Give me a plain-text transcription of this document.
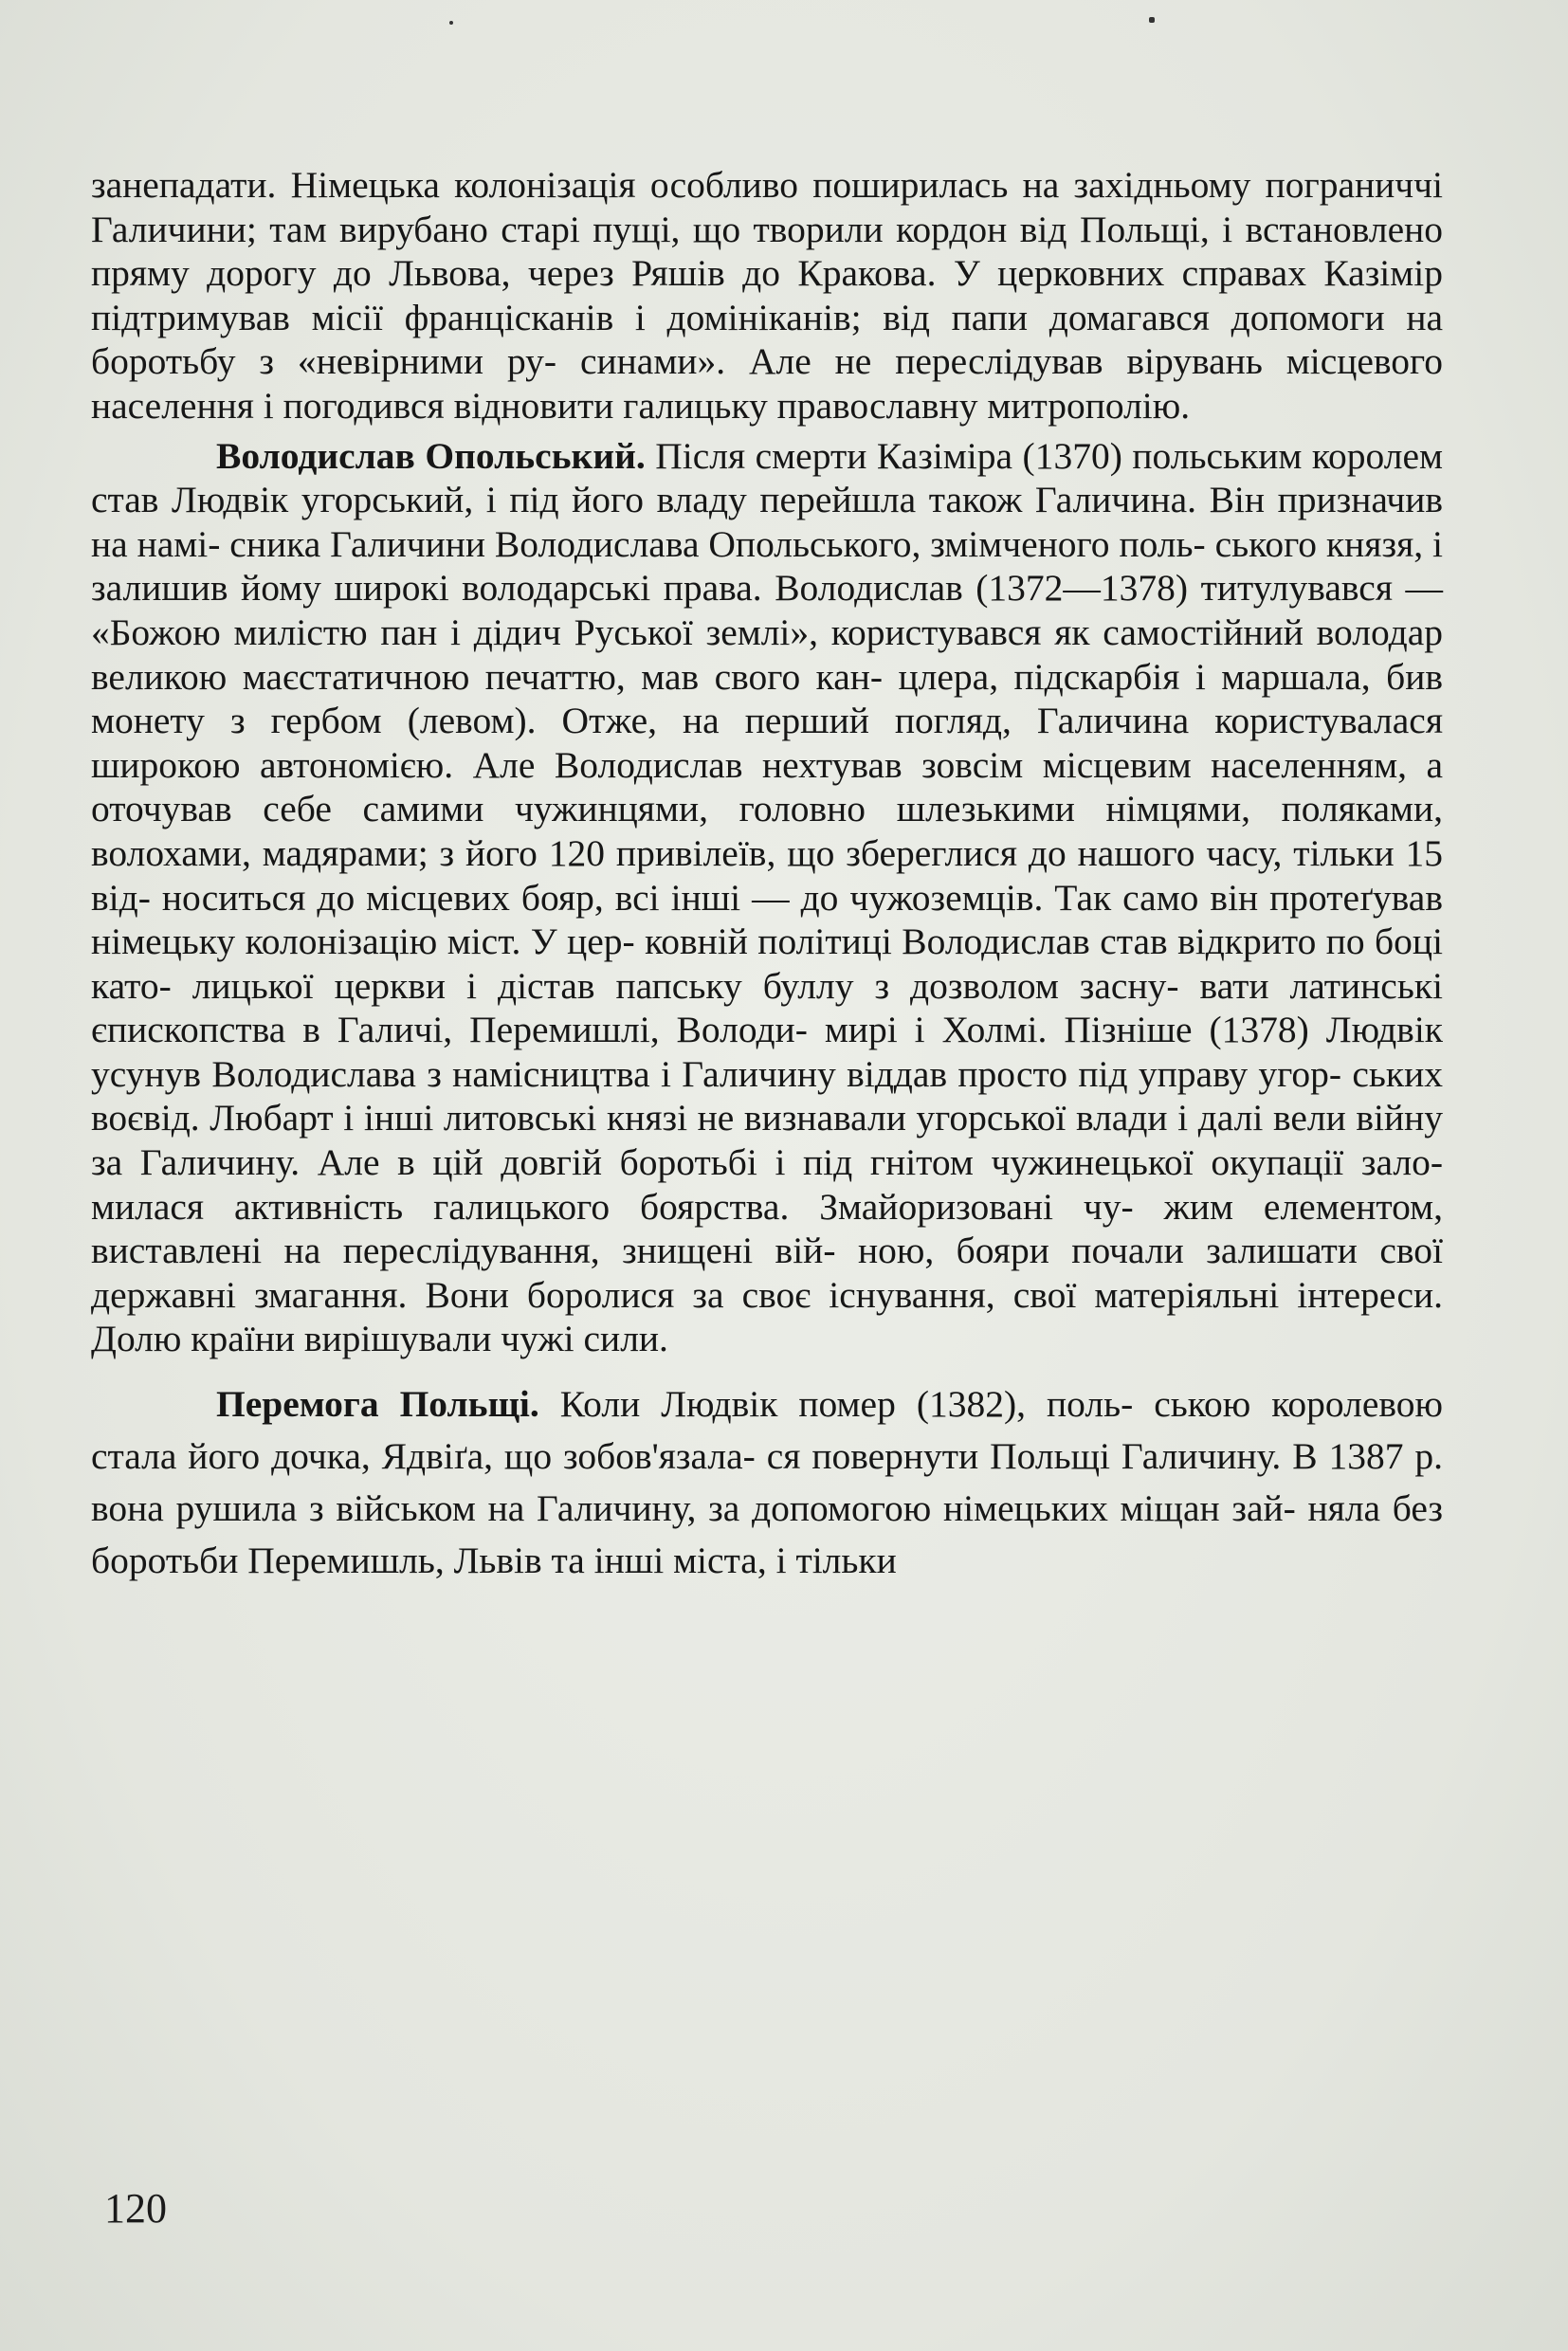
занепадати. Німецька колонізація особливо поширилась на західньому пограниччі Галичини; там вирубано старі пущі, що творили кордон від Польщі, і встановлено пряму дорогу до Львова, через Ряшів до Кракова. У церковних справах Казімір підтримував місії францісканів і домініканів; від папи домагався допомоги на боротьбу з «невірними ру- синами». Але не переслідував вірувань місцевого населення і погодився відновити галицьку православну митрополію.

Володислав Опольський. Після смерти Казіміра (1370) польським королем став Людвік угорський, і під його владу перейшла також Галичина. Він призначив на намі- сника Галичини Володислава Опольського, змімченого поль- ського князя, і залишив йому широкі володарські права. Володислав (1372—1378) титулувався — «Божою милістю пан і дідич Руської землі», користувався як самостійний володар великою маєстатичною печаттю, мав свого кан- цлера, підскарбія і маршала, бив монету з гербом (левом). Отже, на перший погляд, Галичина користувалася широкою автономією. Але Володислав нехтував зовсім місцевим населенням, а оточував себе самими чужинцями, головно шлезькими німцями, поляками, волохами, мадярами; з його 120 привілеїв, що збереглися до нашого часу, тільки 15 від- носиться до місцевих бояр, всі інші — до чужоземців. Так само він протеґував німецьку колонізацію міст. У цер- ковній політиці Володислав став відкрито по боці като- лицької церкви і дістав папську буллу з дозволом засну- вати латинські єпископства в Галичі, Перемишлі, Володи- мирі і Холмі. Пізніше (1378) Людвік усунув Володислава з намісництва і Галичину віддав просто під управу угор- ських воєвід. Любарт і інші литовські князі не визнавали угорської влади і далі вели війну за Галичину. Але в цій довгій боротьбі і під гнітом чужинецької окупації зало- милася активність галицького боярства. Змайоризовані чу- жим елементом, виставлені на переслідування, знищені вій- ною, бояри почали залишати свої державні змагання. Вони боролися за своє існування, свої матеріяльні інтереси. Долю країни вирішували чужі сили.

Перемога Польщі. Коли Людвік помер (1382), поль- ською королевою стала його дочка, Ядвіґа, що зобов'язала- ся повернути Польщі Галичину. В 1387 р. вона рушила з військом на Галичину, за допомогою німецьких міщан зай- няла без боротьби Перемишль, Львів та інші міста, і тільки

120
